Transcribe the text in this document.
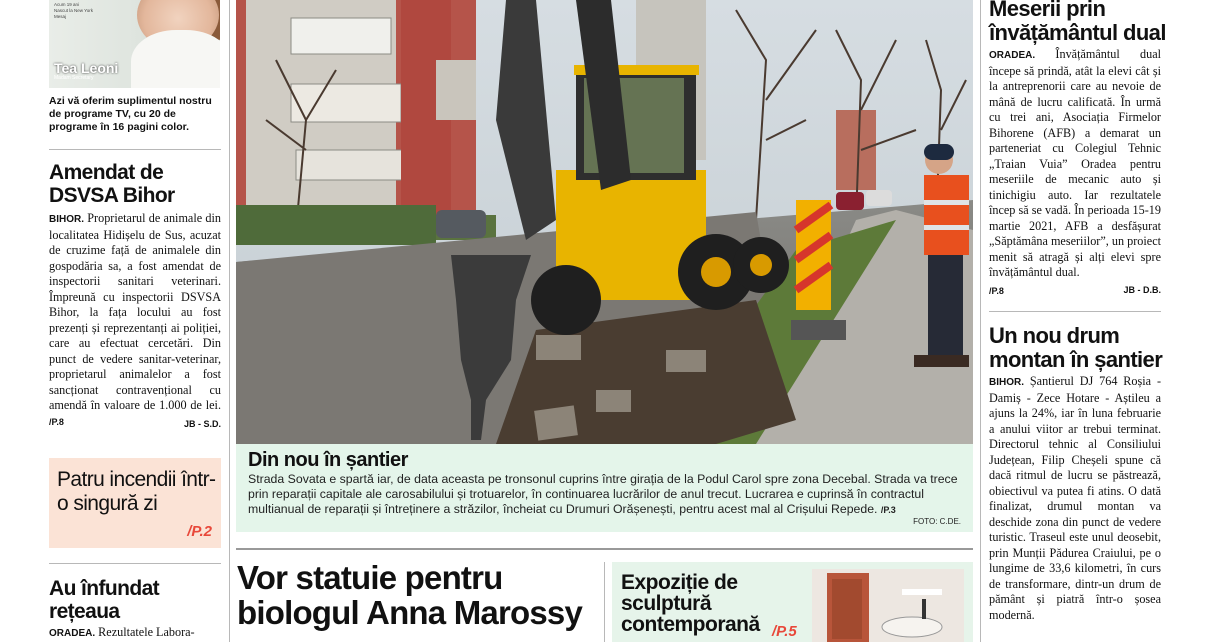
Acum 19 ani
Nascut la New York
Mesaj
Tea Leoni
Madam Secretary
Azi vă oferim suplimentul nostru de programe TV, cu 20 de programe în 16 pagini color.
Amendat de DSVSA Bihor
BIHOR. Proprietarul de animale din localitatea Hidișelu de Sus, acuzat de cruzime față de animalele din gospodăria sa, a fost amendat de inspectorii sanitari veterinari. Împreună cu inspectorii DSVSA Bihor, la fața locului au fost prezenți și reprezentanți ai poliției, care au efectuat cercetări. Din punct de vedere sanitar-veterinar, proprietarul animalelor a fost sancționat contravențional cu amendă în valoare de 1.000 de lei. /P.8	JB - S.D.
Patru incendii într-o singură zi
/P.2
Au înfundat rețeaua
ORADEA. Rezultatele Labora-
Din nou în șantier
Strada Sovata e spartă iar, de data aceasta pe tronsonul cuprins între girația de la Podul Carol spre zona Decebal. Strada va trece prin reparații capitale ale carosabilului și trotuarelor, în continuarea lucrărilor de anul trecut. Lucrarea e cuprinsă în contractul multianual de reparații și întreținere a străzilor, încheiat cu Drumuri Orășenești, pentru acest mal al Crișului Repede. /P.3
FOTO: C.DE.
Vor statuie pentru biologul Anna Marossy
Expoziție de sculptură contemporană /P.5
Meserii prin învățământul dual
ORADEA. Învățământul dual începe să prindă, atât la elevi cât și la antreprenorii care au nevoie de mână de lucru calificată. În urmă cu trei ani, Asociația Firmelor Bihorene (AFB) a demarat un parteneriat cu Colegiul Tehnic „Traian Vuia” Oradea pentru meseriile de mecanic auto și tinichigiu auto. Iar rezultatele încep să se vadă. În perioada 15-19 martie 2021, AFB a desfășurat „Săptămâna meseriilor”, un proiect menit să atragă și alți elevi spre învățământul dual.
/P.8	JB - D.B.
Un nou drum montan în șantier
BIHOR. Șantierul DJ 764 Roșia - Damiș - Zece Hotare - Aștileu a ajuns la 24%, iar în luna februarie a anului viitor ar trebui terminat. Directorul tehnic al Consiliului Județean, Filip Cheșeli spune că dacă ritmul de lucru se păstrează, obiectivul va putea fi atins. O dată finalizat, drumul montan va deschide zona din punct de vedere turistic. Traseul este unul deosebit, prin Munții Pădurea Craiului, pe o lungime de 33,6 kilometri, în curs de transformare, dintr-un drum de pământ și piatră într-o șosea modernă.
